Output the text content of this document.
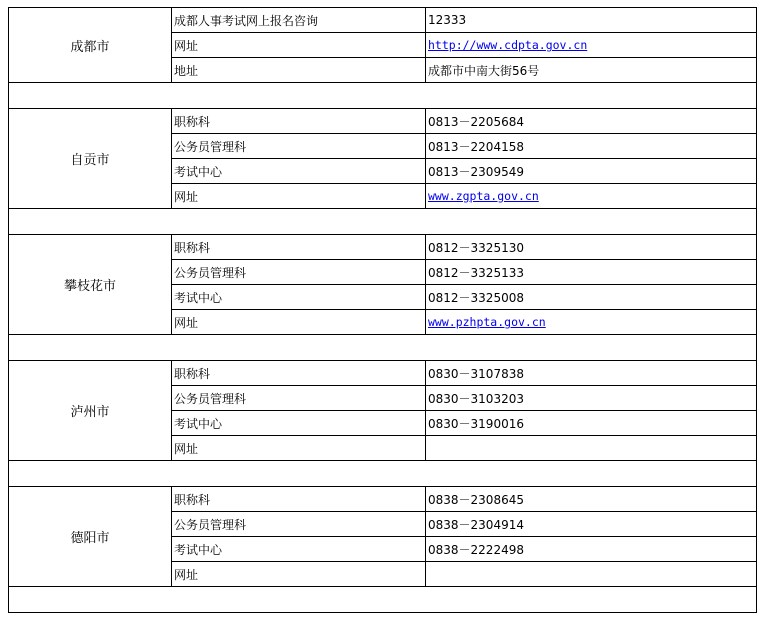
成都市	成都人事考试网上报名咨询	12333
	网址	http://www.cdpta.gov.cn
	地址	成都市中南大街56号

自贡市	职称科	0813－2205684
	公务员管理科	0813－2204158
	考试中心	0813－2309549
	网址	www.zgpta.gov.cn

攀枝花市	职称科	0812－3325130
	公务员管理科	0812－3325133
	考试中心	0812－3325008
	网址	www.pzhpta.gov.cn

泸州市	职称科	0830－3107838
	公务员管理科	0830－3103203
	考试中心	0830－3190016
	网址	

德阳市	职称科	0838－2308645
	公务员管理科	0838－2304914
	考试中心	0838－2222498
	网址	
